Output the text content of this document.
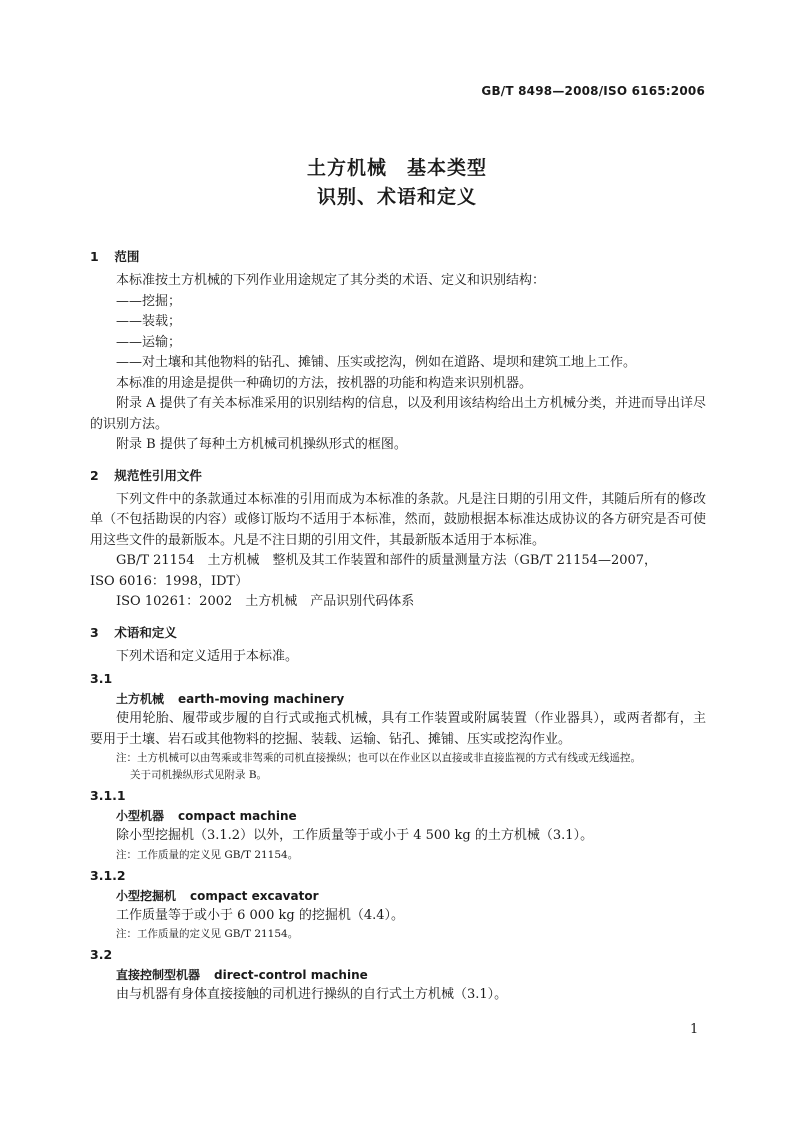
GB/T 8498—2008/ISO 6165:2006
土方机械　基本类型
识别、术语和定义
1 范围

本标准按土方机械的下列作业用途规定了其分类的术语、定义和识别结构：

——挖掘；

——装载；

——运输；

——对土壤和其他物料的钻孔、摊铺、压实或挖沟，例如在道路、堤坝和建筑工地上工作。

本标准的用途是提供一种确切的方法，按机器的功能和构造来识别机器。

附录 A 提供了有关本标准采用的识别结构的信息，以及利用该结构给出土方机械分类，并进而导出详尽的识别方法。

附录 B 提供了每种土方机械司机操纵形式的框图。

2 规范性引用文件

下列文件中的条款通过本标准的引用而成为本标准的条款。凡是注日期的引用文件，其随后所有的修改单（不包括勘误的内容）或修订版均不适用于本标准，然而，鼓励根据本标准达成协议的各方研究是否可使用这些文件的最新版本。凡是不注日期的引用文件，其最新版本适用于本标准。

GB/T 21154　土方机械　整机及其工作装置和部件的质量测量方法（GB/T 21154—2007，

ISO 6016：1998，IDT）

ISO 10261：2002　土方机械　产品识别代码体系

3 术语和定义

下列术语和定义适用于本标准。

3.1
土方机械 earth-moving machinery

使用轮胎、履带或步履的自行式或拖式机械，具有工作装置或附属装置（作业器具），或两者都有，主要用于土壤、岩石或其他物料的挖掘、装载、运输、钻孔、摊铺、压实或挖沟作业。

注：土方机械可以由驾乘或非驾乘的司机直接操纵；也可以在作业区以直接或非直接监视的方式有线或无线遥控。

关于司机操纵形式见附录 B。

3.1.1
小型机器 compact machine

除小型挖掘机（3.1.2）以外，工作质量等于或小于 4 500 kg 的土方机械（3.1）。

注：工作质量的定义见 GB/T 21154。

3.1.2
小型挖掘机 compact excavator

工作质量等于或小于 6 000 kg 的挖掘机（4.4）。

注：工作质量的定义见 GB/T 21154。

3.2
直接控制型机器 direct-control machine

由与机器有身体直接接触的司机进行操纵的自行式土方机械（3.1）。

1
